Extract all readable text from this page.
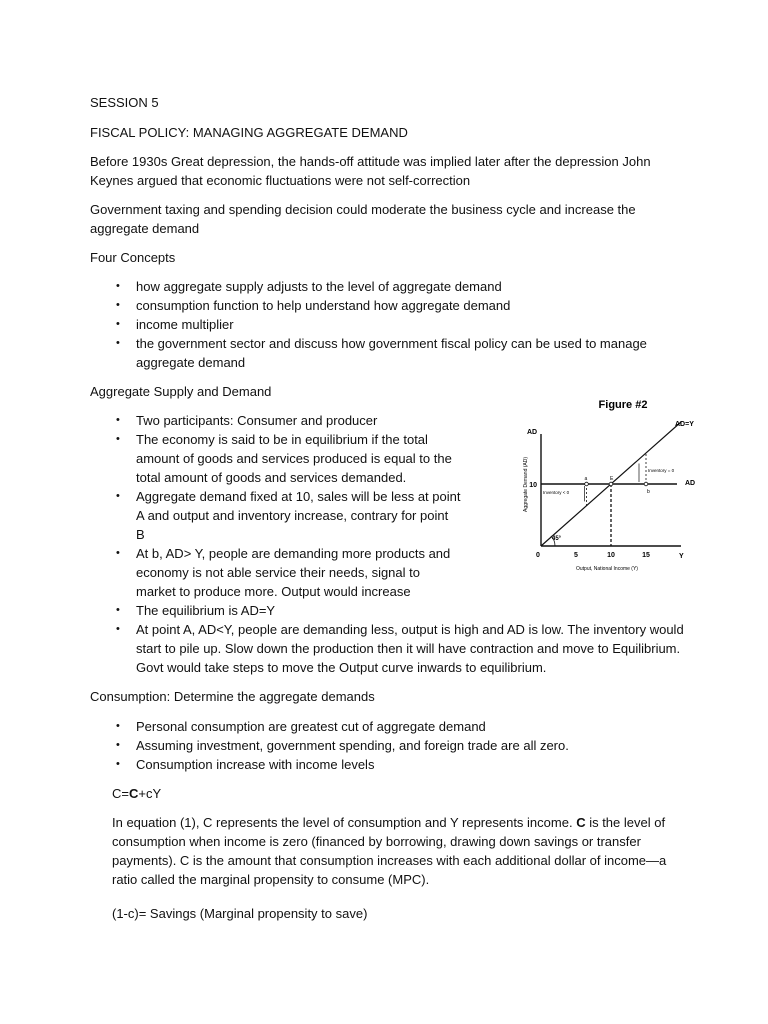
SESSION 5
FISCAL POLICY: MANAGING AGGREGATE DEMAND
Before 1930s Great depression, the hands-off attitude was implied later after the depression John
Keynes argued that economic fluctuations were not self-correction
Government taxing and spending decision could moderate the business cycle and increase the
aggregate demand
Four Concepts
• how aggregate supply adjusts to the level of aggregate demand
• consumption function to help understand how aggregate demand
• income multiplier
• the government sector and discuss how government fiscal policy can be used to manage
aggregate demand
Aggregate Supply and Demand
• Two participants: Consumer and producer
• The economy is said to be in equilibrium if the total
amount of goods and services produced is equal to the
total amount of goods and services demanded.
• Aggregate demand fixed at 10, sales will be less at point
A and output and inventory increase, contrary for point
B
• At b, AD> Y, people are demanding more products and
economy is not able service their needs, signal to
market to produce more. Output would increase
• The equilibrium is AD=Y
• At point A, AD<Y, people are demanding less, output is high and AD is low. The inventory would
start to pile up. Slow down the production then it will have contraction and move to Equilibrium.
Govt would take steps to move the Output curve inwards to equilibrium.
Consumption: Determine the aggregate demands
• Personal consumption are greatest cut of aggregate demand
• Assuming investment, government spending, and foreign trade are all zero.
• Consumption increase with income levels
C=C+cY
In equation (1), C represents the level of consumption and Y represents income. C is the level of
consumption when income is zero (financed by borrowing, drawing down savings or transfer
payments). C is the amount that consumption increases with each additional dollar of income—a
ratio called the marginal propensity to consume (MPC).
(1-c)= Savings (Marginal propensity to save)
Figure #2
AD
Aggregate Demand (AD)
Y
Output, National Income (Y)
0
AD=Y
AD
10
5	10	15
a	E
b
Inventory = 0
Inventory < 0
45°
